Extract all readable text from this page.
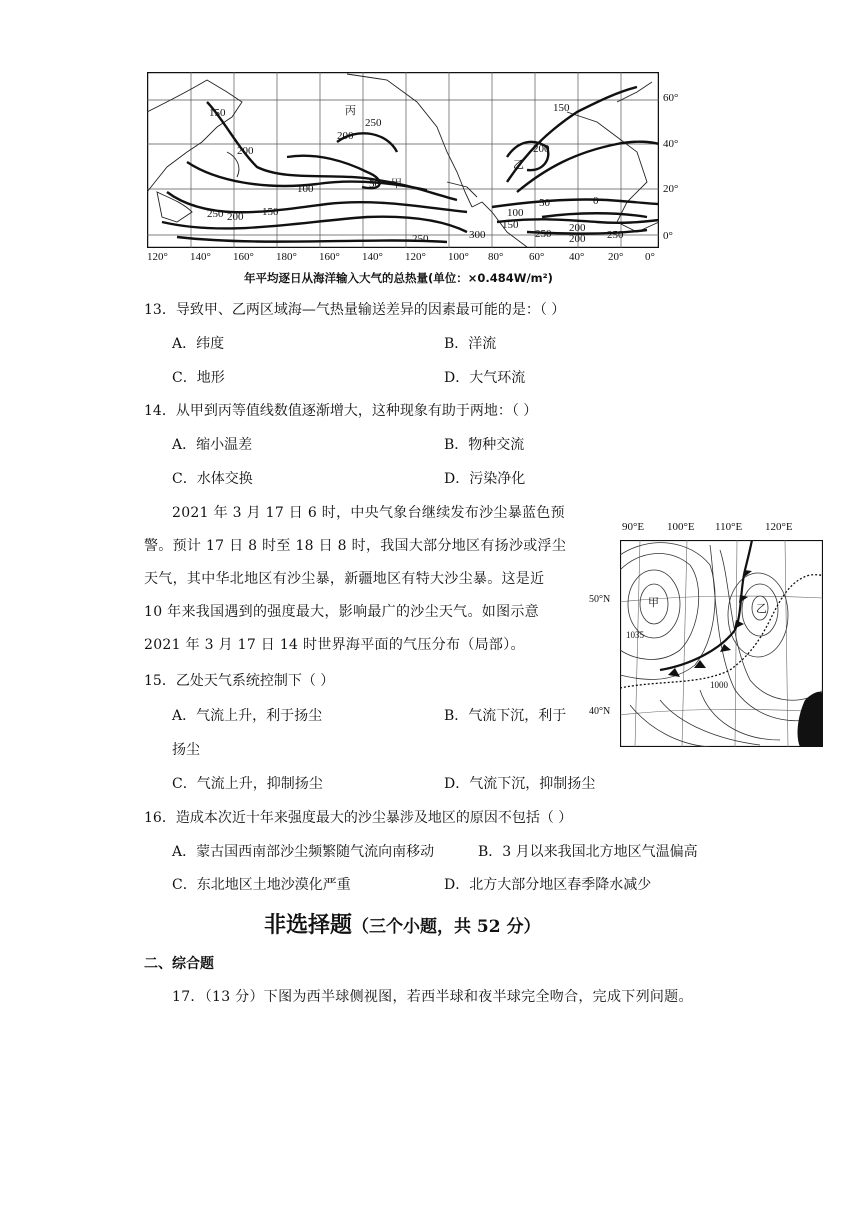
150
200
250 200
100	50 甲
150
200
250
250	300
100
150	200
250 200
150
50	0
200
250
丙
乙
60°
40°
20°
0°
120° 140° 160° 180° 160° 140° 120° 100° 80° 60° 40° 20° 0°
年平均逐日从海洋输入大气的总热量(单位：×0.484W/m²)
13．导致甲、乙两区域海—气热量输送差异的因素最可能的是：（ ）
A．纬度	B．洋流
C．地形	D．大气环流
14．从甲到丙等值线数值逐渐增大，这种现象有助于两地：（ ）
A．缩小温差	B．物种交流
C．水体交换	D．污染净化
2021 年 3 月 17 日 6 时，中央气象台继续发布沙尘暴蓝色预
警。预计 17 日 8 时至 18 日 8 时，我国大部分地区有扬沙或浮尘
天气，其中华北地区有沙尘暴，新疆地区有特大沙尘暴。这是近
10 年来我国遇到的强度最大，影响最广的沙尘天气。如图示意
2021 年 3 月 17 日 14 时世界海平面的气压分布（局部）。
90°E 100°E 110°E 120°E
50°N
40°N
甲	乙
1035
1000
15．乙处天气系统控制下（ ）
A．气流上升，利于扬尘	B．气流下沉，利于
扬尘
C．气流上升，抑制扬尘	D．气流下沉，抑制扬尘
16．造成本次近十年来强度最大的沙尘暴涉及地区的原因不包括（ ）
A．蒙古国西南部沙尘频繁随气流向南移动	B．3 月以来我国北方地区气温偏高
C．东北地区土地沙漠化严重	D．北方大部分地区春季降水减少
非选择题（三个小题，共 52 分）
二、综合题
17．（13 分）下图为西半球侧视图，若西半球和夜半球完全吻合，完成下列问题。
